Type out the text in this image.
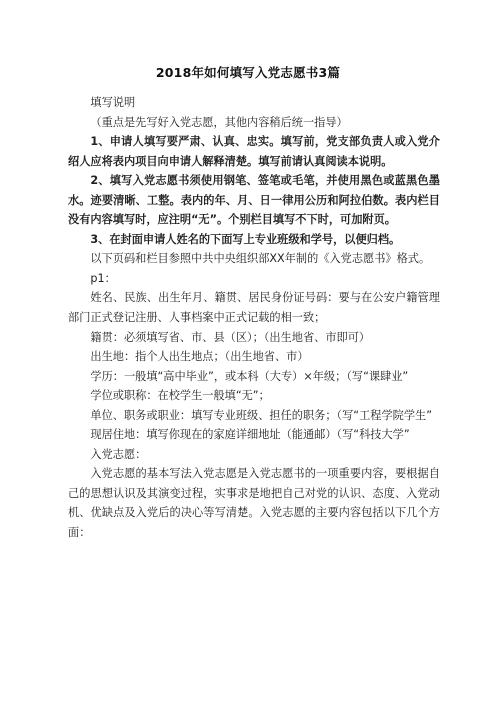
2018年如何填写入党志愿书3篇

填写说明

（重点是先写好入党志愿，其他内容稍后统一指导）

1、申请人填写要严肃、认真、忠实。填写前，党支部负责人或入党介绍人应将表内项目向申请人解释清楚。填写前请认真阅读本说明。

2、填写入党志愿书须使用钢笔、签笔或毛笔，并使用黑色或蓝黑色墨水。迹要清晰、工整。表内的年、月、日一律用公历和阿拉伯数。表内栏目没有内容填写时，应注明“无”。个别栏目填写不下时，可加附页。

3、在封面申请人姓名的下面写上专业班级和学号，以便归档。

以下页码和栏目参照中共中央组织部XX年制的《入党志愿书》格式。

p1：

姓名、民族、出生年月、籍贯、居民身份证号码：要与在公安户籍管理部门正式登记注册、人事档案中正式记载的相一致；

籍贯：必须填写省、市、县（区）；（出生地省、市即可）

出生地：指个人出生地点；（出生地省、市）

学历：一般填“高中毕业”，或本科（大专）×年级；（写“课肆业”

学位或职称：在校学生一般填“无”；

单位、职务或职业：填写专业班级、担任的职务；（写“工程学院学生”

现居住地：填写你现在的家庭详细地址（能通邮）（写“科技大学”

入党志愿：

入党志愿的基本写法入党志愿是入党志愿书的一项重要内容，要根据自己的思想认识及其演变过程，实事求是地把自己对党的认识、态度、入党动机、优缺点及入党后的决心等写清楚。入党志愿的主要内容包括以下几个方面：
